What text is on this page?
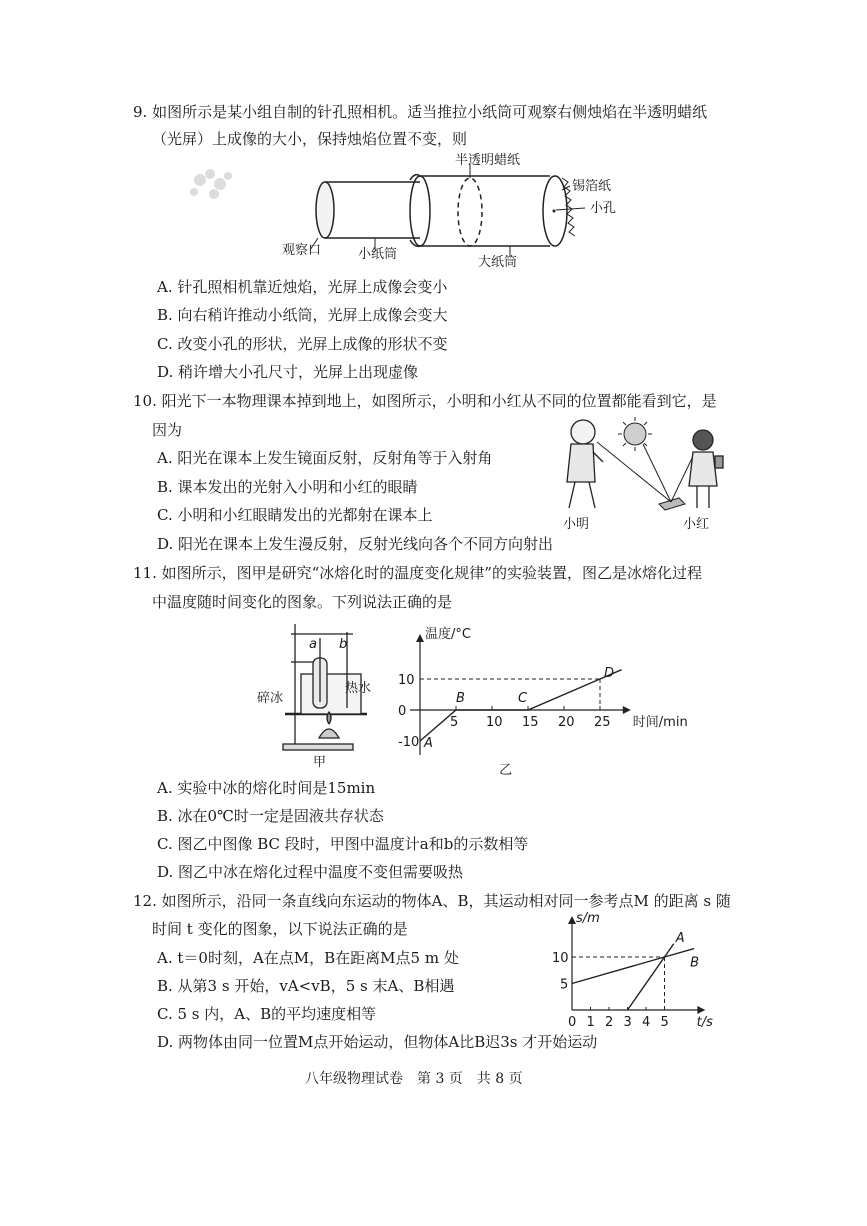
9. 如图所示是某小组自制的针孔照相机。适当推拉小纸筒可观察右侧烛焰在半透明蜡纸
（光屏）上成像的大小，保持烛焰位置不变，则
半透明蜡纸
锡箔纸
小孔
观察口	小纸筒
大纸筒
A. 针孔照相机靠近烛焰，光屏上成像会变小
B. 向右稍许推动小纸筒，光屏上成像会变大
C. 改变小孔的形状，光屏上成像的形状不变
D. 稍许增大小孔尺寸，光屏上出现虚像
10. 阳光下一本物理课本掉到地上，如图所示，小明和小红从不同的位置都能看到它，是
因为
小明	小红
A. 阳光在课本上发生镜面反射，反射角等于入射角
B. 课本发出的光射入小明和小红的眼睛
C. 小明和小红眼睛发出的光都射在课本上
D. 阳光在课本上发生漫反射，反射光线向各个不同方向射出
11. 如图所示，图甲是研究“冰熔化时的温度变化规律”的实验装置，图乙是冰熔化过程
中温度随时间变化的图象。下列说法正确的是
a b
碎冰
热水
甲
温度/°C
时间/min
5 10 15 20 25
10
0
-10 A
B	C
D
乙
A. 实验中冰的熔化时间是15min
B. 冰在0℃时一定是固液共存状态
C. 图乙中图像 BC 段时，甲图中温度计a和b的示数相等
D. 图乙中冰在熔化过程中温度不变但需要吸热
12. 如图所示，沿同一条直线向东运动的物体A、B，其运动相对同一参考点M 的距离 s 随
时间 t 变化的图象，以下说法正确的是
s/m
t/s
0 1 2 3 4 5
5
10
A
B
A. t＝0时刻，A在点M，B在距离M点5 m 处
B. 从第3 s 开始，vA<vB，5 s 末A、B相遇
C. 5 s 内，A、B的平均速度相等
D. 两物体由同一位置M点开始运动，但物体A比B迟3s 才开始运动
八年级物理试卷　第 3 页　共 8 页
